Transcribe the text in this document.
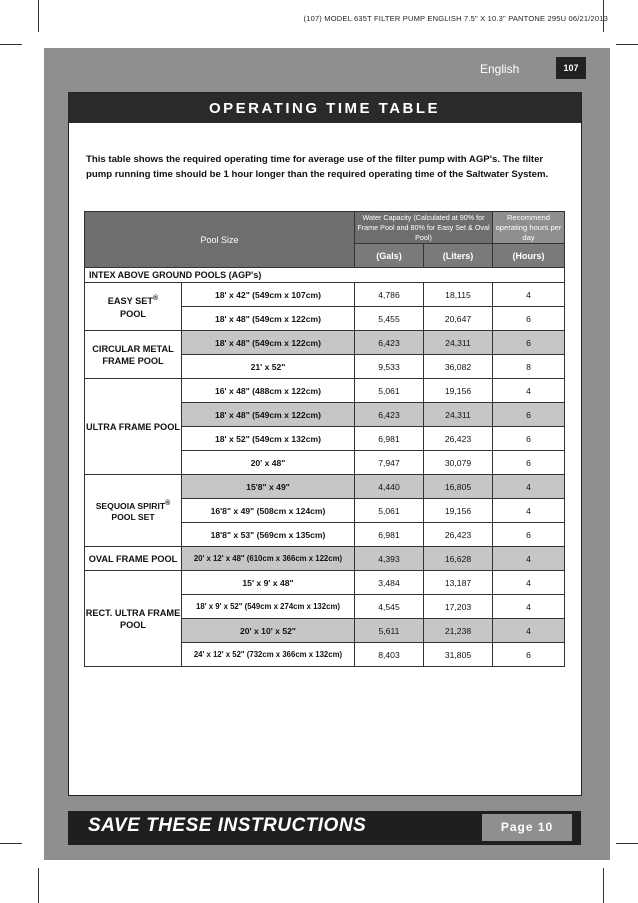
(107) MODEL 635T FILTER PUMP ENGLISH 7.5" X 10.3" PANTONE 295U 06/21/2013
English	107
OPERATING TIME TABLE
This table shows the required operating time for average use of the filter pump with AGP's. The filter pump running time should be 1 hour longer than the required operating time of the Saltwater System.
Pool Size		Water Capacity (Calculated at 90% for Frame Pool and 80% for Easy Set & Oval Pool)		Recommend operating hours per day
		(Gals)	(Liters)	(Hours)
INTEX ABOVE GROUND POOLS (AGP's)				
EASY SET®
POOL	18' x 42" (549cm x 107cm)	4,786	18,115	4
	18' x 48" (549cm x 122cm)	5,455	20,647	6
CIRCULAR METAL FRAME POOL	18' x 48" (549cm x 122cm)	6,423	24,311	6
	21' x 52"	9,533	36,082	8
ULTRA FRAME POOL	16' x 48" (488cm x 122cm)	5,061	19,156	4
	18' x 48" (549cm x 122cm)	6,423	24,311	6
	18' x 52" (549cm x 132cm)	6,981	26,423	6
	20' x 48"	7,947	30,079	6
SEQUOIA SPIRIT®
POOL SET	15'8" x 49"	4,440	16,805	4
	16'8" x 49" (508cm x 124cm)	5,061	19,156	4
	18'8" x 53" (569cm x 135cm)	6,981	26,423	6
OVAL FRAME POOL	20' x 12' x 48" (610cm x 366cm x 122cm)	4,393	16,628	4
RECT. ULTRA FRAME POOL	15' x 9' x 48"	3,484	13,187	4
	18' x 9' x 52" (549cm x 274cm x 132cm)	4,545	17,203	4
	20' x 10' x 52"	5,611	21,238	4
	24' x 12' x 52" (732cm x 366cm x 132cm)	8,403	31,805	6
SAVE THESE INSTRUCTIONS	Page 10
